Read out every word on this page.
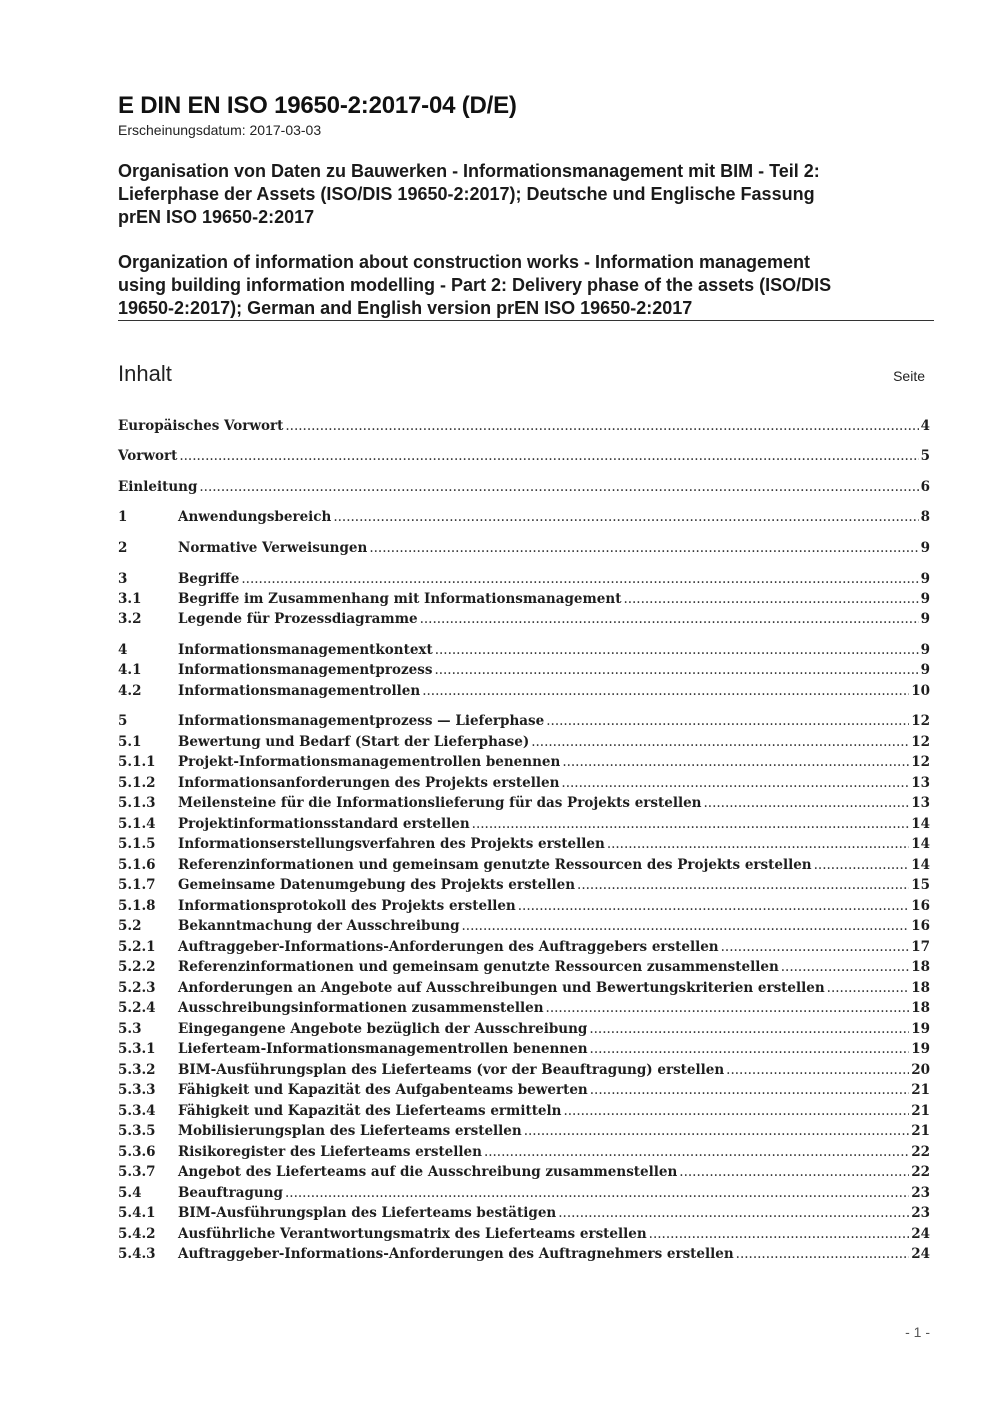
E DIN EN ISO 19650-2:2017-04 (D/E)
Erscheinungsdatum: 2017-03-03
Organisation von Daten zu Bauwerken - Informationsmanagement mit BIM - Teil 2:
Lieferphase der Assets (ISO/DIS 19650-2:2017); Deutsche und Englische Fassung
prEN ISO 19650-2:2017
Organization of information about construction works - Information management
using building information modelling - Part 2: Delivery phase of the assets (ISO/DIS
19650-2:2017); German and English version prEN ISO 19650-2:2017
Inhalt	Seite
Europäisches Vorwort .....	4
Vorwort .....	5
Einleitung .....	6
1	Anwendungsbereich .....	8
2	Normative Verweisungen .....	9
3	Begriffe .....	9
3.1	Begriffe im Zusammenhang mit Informationsmanagement .....	9
3.2	Legende für Prozessdiagramme .....	9
4	Informationsmanagementkontext .....	9
4.1	Informationsmanagementprozess .....	9
4.2	Informationsmanagementrollen .....	10
5	Informationsmanagementprozess — Lieferphase .....	12
5.1	Bewertung und Bedarf (Start der Lieferphase) .....	12
5.1.1	Projekt-Informationsmanagementrollen benennen .....	12
5.1.2	Informationsanforderungen des Projekts erstellen .....	13
5.1.3	Meilensteine für die Informationslieferung für das Projekts erstellen .....	13
5.1.4	Projektinformationsstandard erstellen .....	14
5.1.5	Informationserstellungsverfahren des Projekts erstellen .....	14
5.1.6	Referenzinformationen und gemeinsam genutzte Ressourcen des Projekts erstellen .....	14
5.1.7	Gemeinsame Datenumgebung des Projekts erstellen .....	15
5.1.8	Informationsprotokoll des Projekts erstellen .....	16
5.2	Bekanntmachung der Ausschreibung .....	16
5.2.1	Auftraggeber-Informations-Anforderungen des Auftraggebers erstellen .....	17
5.2.2	Referenzinformationen und gemeinsam genutzte Ressourcen zusammenstellen .....	18
5.2.3	Anforderungen an Angebote auf Ausschreibungen und Bewertungskriterien erstellen .....	18
5.2.4	Ausschreibungsinformationen zusammenstellen .....	18
5.3	Eingegangene Angebote bezüglich der Ausschreibung .....	19
5.3.1	Lieferteam-Informationsmanagementrollen benennen .....	19
5.3.2	BIM-Ausführungsplan des Lieferteams (vor der Beauftragung) erstellen .....	20
5.3.3	Fähigkeit und Kapazität des Aufgabenteams bewerten .....	21
5.3.4	Fähigkeit und Kapazität des Lieferteams ermitteln .....	21
5.3.5	Mobilisierungsplan des Lieferteams erstellen .....	21
5.3.6	Risikoregister des Lieferteams erstellen .....	22
5.3.7	Angebot des Lieferteams auf die Ausschreibung zusammenstellen .....	22
5.4	Beauftragung .....	23
5.4.1	BIM-Ausführungsplan des Lieferteams bestätigen .....	23
5.4.2	Ausführliche Verantwortungsmatrix des Lieferteams erstellen .....	24
5.4.3	Auftraggeber-Informations-Anforderungen des Auftragnehmers erstellen .....	24
- 1 -
